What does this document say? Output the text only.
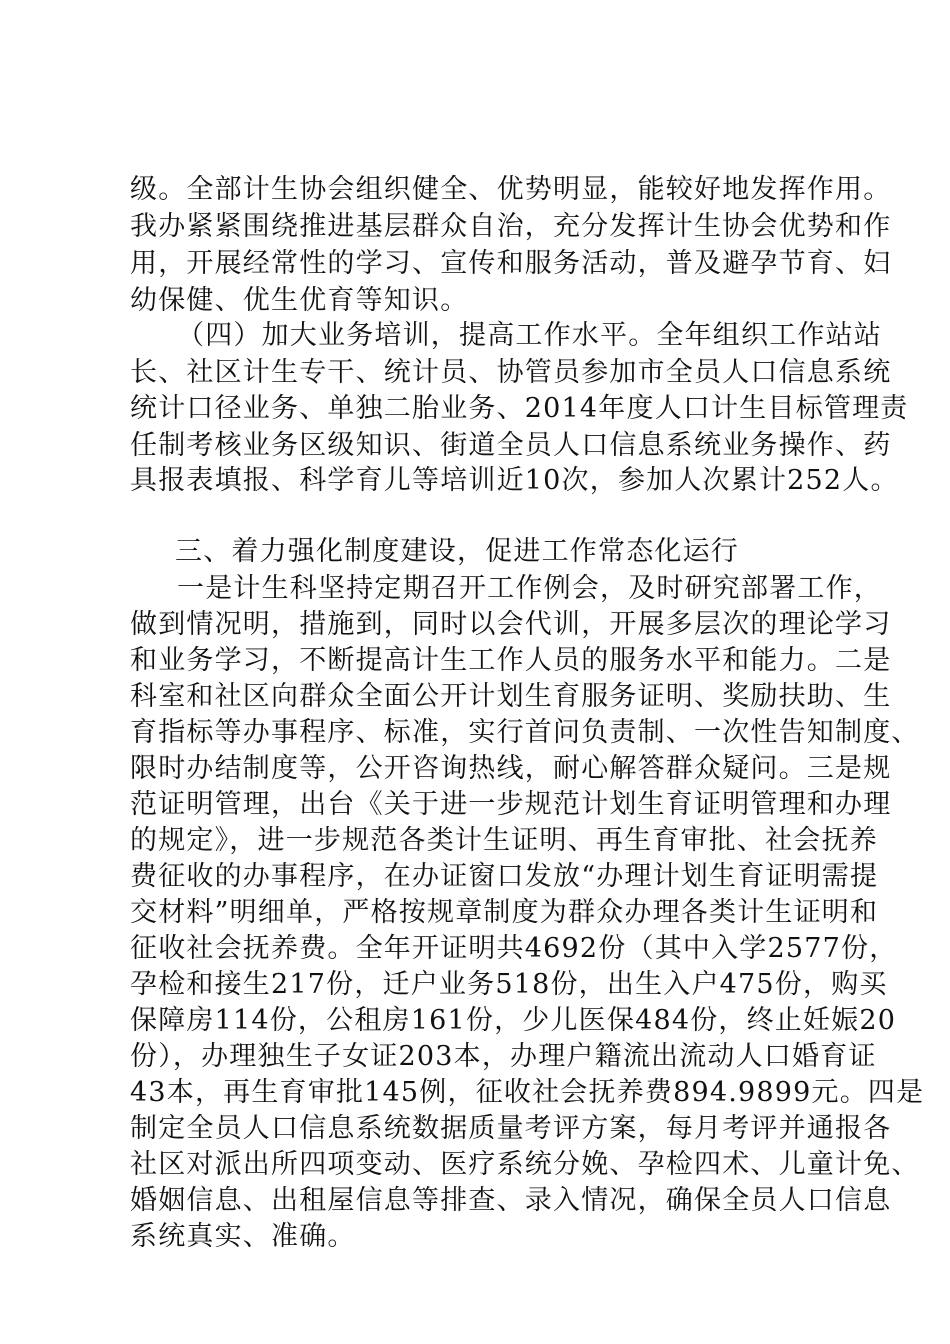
级。全部计生协会组织健全、优势明显，能较好地发挥作用。
我办紧紧围绕推进基层群众自治，充分发挥计生协会优势和作
用，开展经常性的学习、宣传和服务活动，普及避孕节育、妇
幼保健、优生优育等知识。
（四）加大业务培训，提高工作水平。全年组织工作站站
长、社区计生专干、统计员、协管员参加市全员人口信息系统
统计口径业务、单独二胎业务、2014年度人口计生目标管理责
任制考核业务区级知识、街道全员人口信息系统业务操作、药
具报表填报、科学育儿等培训近10次，参加人次累计252人。
三、着力强化制度建设，促进工作常态化运行
一是计生科坚持定期召开工作例会，及时研究部署工作，
做到情况明，措施到，同时以会代训，开展多层次的理论学习
和业务学习，不断提高计生工作人员的服务水平和能力。二是
科室和社区向群众全面公开计划生育服务证明、奖励扶助、生
育指标等办事程序、标准，实行首问负责制、一次性告知制度、
限时办结制度等，公开咨询热线，耐心解答群众疑问。三是规
范证明管理，出台《关于进一步规范计划生育证明管理和办理
的规定》，进一步规范各类计生证明、再生育审批、社会抚养
费征收的办事程序，在办证窗口发放“办理计划生育证明需提
交材料”明细单，严格按规章制度为群众办理各类计生证明和
征收社会抚养费。全年开证明共4692份（其中入学2577份，
孕检和接生217份，迁户业务518份，出生入户475份，购买
保障房114份，公租房161份，少儿医保484份，终止妊娠20
份），办理独生子女证203本，办理户籍流出流动人口婚育证
43本，再生育审批145例，征收社会抚养费894.9899元。四是
制定全员人口信息系统数据质量考评方案，每月考评并通报各
社区对派出所四项变动、医疗系统分娩、孕检四术、儿童计免、
婚姻信息、出租屋信息等排查、录入情况，确保全员人口信息
系统真实、准确。
